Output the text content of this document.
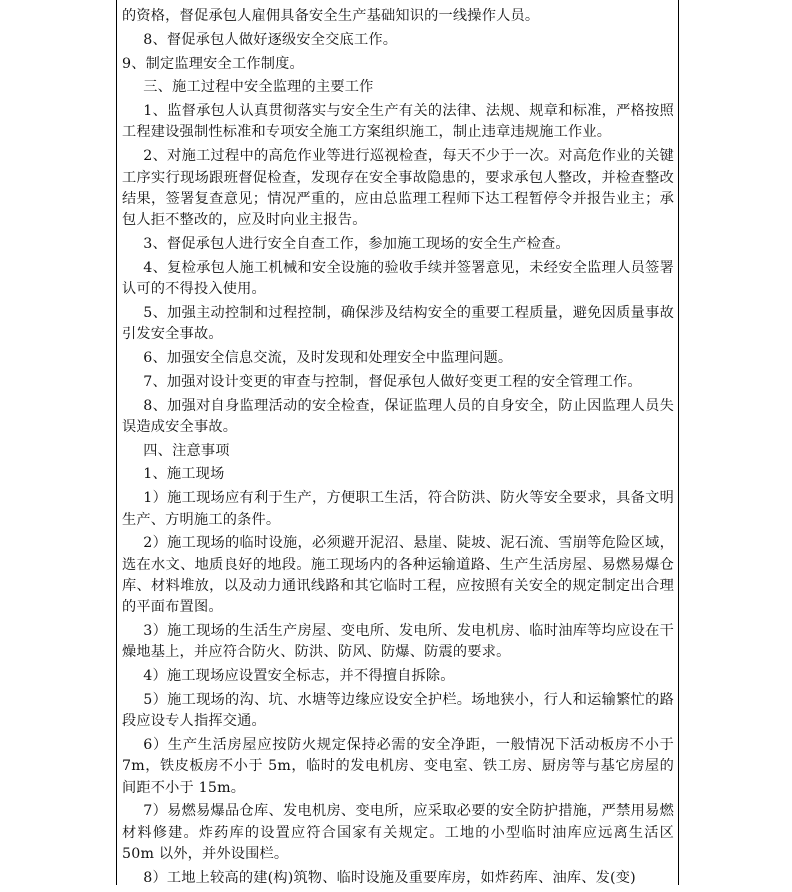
的资格，督促承包人雇佣具备安全生产基础知识的一线操作人员。

8、督促承包人做好逐级安全交底工作。

9、制定监理安全工作制度。

三、施工过程中安全监理的主要工作

1、监督承包人认真贯彻落实与安全生产有关的法律、法规、规章和标准，严格按照工程建设强制性标准和专项安全施工方案组织施工，制止违章违规施工作业。

2、对施工过程中的高危作业等进行巡视检查，每天不少于一次。对高危作业的关键工序实行现场跟班督促检查，发现存在安全事故隐患的，要求承包人整改，并检查整改结果，签署复查意见；情况严重的，应由总监理工程师下达工程暂停令并报告业主；承包人拒不整改的，应及时向业主报告。

3、督促承包人进行安全自查工作，参加施工现场的安全生产检查。

4、复检承包人施工机械和安全设施的验收手续并签署意见，未经安全监理人员签署认可的不得投入使用。

5、加强主动控制和过程控制，确保涉及结构安全的重要工程质量，避免因质量事故引发安全事故。

6、加强安全信息交流，及时发现和处理安全中监理问题。

7、加强对设计变更的审查与控制，督促承包人做好变更工程的安全管理工作。

8、加强对自身监理活动的安全检查，保证监理人员的自身安全，防止因监理人员失误造成安全事故。

四、注意事项

1、施工现场

1）施工现场应有利于生产，方便职工生活，符合防洪、防火等安全要求，具备文明生产、方明施工的条件。

2）施工现场的临时设施，必须避开泥沼、悬崖、陡坡、泥石流、雪崩等危险区域，选在水文、地质良好的地段。施工现场内的各种运输道路、生产生活房屋、易燃易爆仓库、材料堆放，以及动力通讯线路和其它临时工程，应按照有关安全的规定制定出合理的平面布置图。

3）施工现场的生活生产房屋、变电所、发电所、发电机房、临时油库等均应设在干燥地基上，并应符合防火、防洪、防风、防爆、防震的要求。

4）施工现场应设置安全标志，并不得擅自拆除。

5）施工现场的沟、坑、水塘等边缘应设安全护栏。场地狭小，行人和运输繁忙的路段应设专人指挥交通。

6）生产生活房屋应按防火规定保持必需的安全净距，一般情况下活动板房不小于 7m，铁皮板房不小于 5m，临时的发电机房、变电室、铁工房、厨房等与基它房屋的间距不小于 15m。

7）易燃易爆品仓库、发电机房、变电所，应采取必要的安全防护措施，严禁用易燃材料修建。炸药库的设置应符合国家有关规定。工地的小型临时油库应远离生活区 50m 以外，并外设围栏。

8）工地上较高的建(构)筑物、临时设施及重要库房，如炸药库、油库、发(变)
